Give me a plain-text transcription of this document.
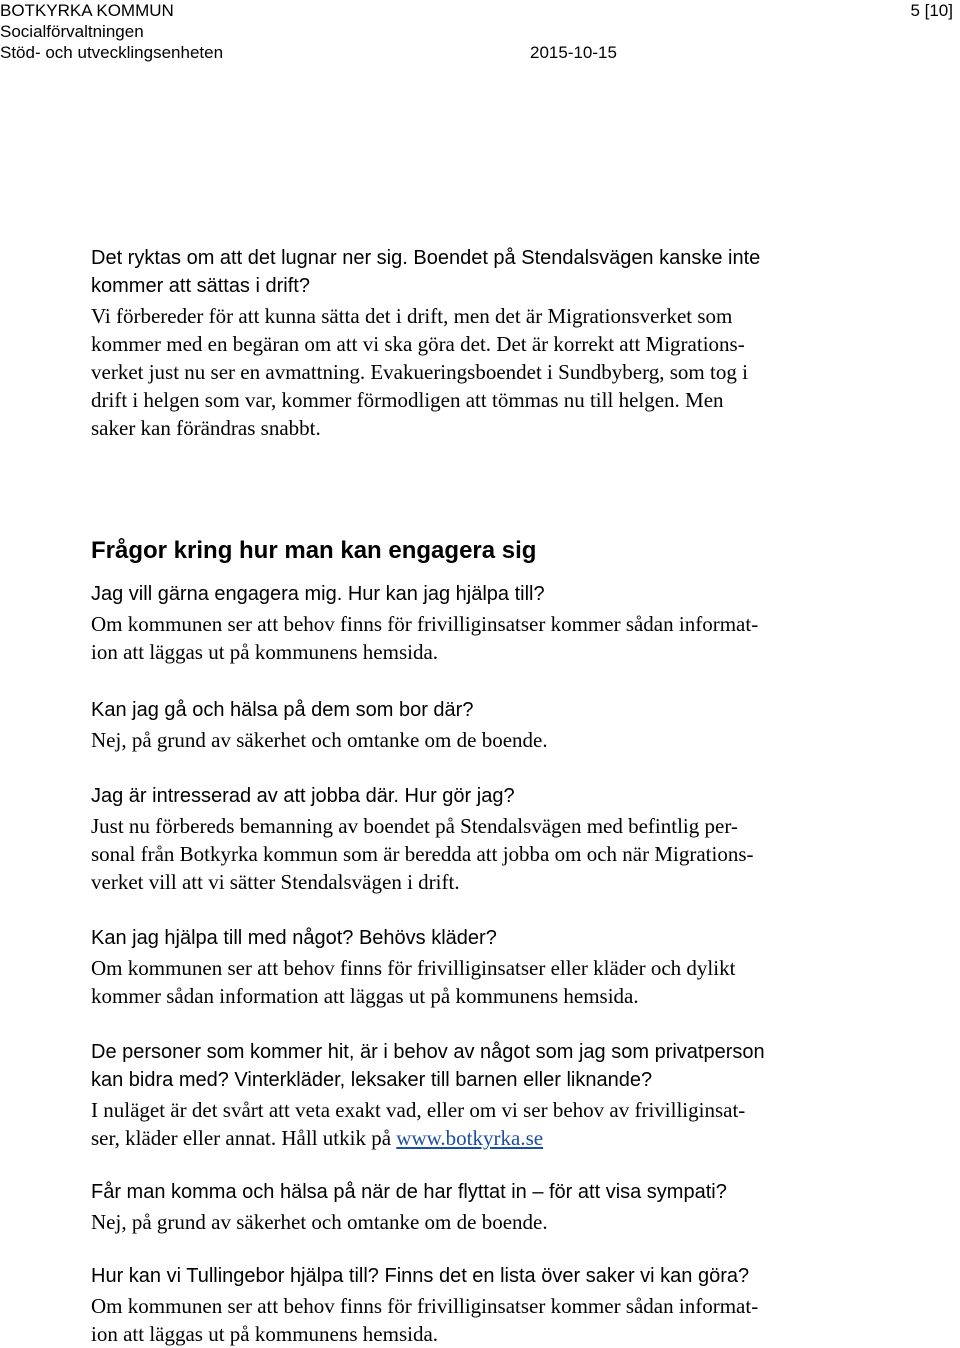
BOTKYRKA KOMMUN	5 [10]
Socialförvaltningen
Stöd- och utvecklingsenheten	2015-10-15

Det ryktas om att det lugnar ner sig. Boendet på Stendalsvägen kanske inte

kommer att sättas i drift?

Vi förbereder för att kunna sätta det i drift, men det är Migrationsverket som

kommer med en begäran om att vi ska göra det. Det är korrekt att Migrations-

verket just nu ser en avmattning. Evakueringsboendet i Sundbyberg, som tog i

drift i helgen som var, kommer förmodligen att tömmas nu till helgen. Men

saker kan förändras snabbt.

Frågor kring hur man kan engagera sig

Jag vill gärna engagera mig. Hur kan jag hjälpa till?

Om kommunen ser att behov finns för frivilliginsatser kommer sådan informat-

ion att läggas ut på kommunens hemsida.

Kan jag gå och hälsa på dem som bor där?

Nej, på grund av säkerhet och omtanke om de boende.

Jag är intresserad av att jobba där. Hur gör jag?

Just nu förbereds bemanning av boendet på Stendalsvägen med befintlig per-

sonal från Botkyrka kommun som är beredda att jobba om och när Migrations-

verket vill att vi sätter Stendalsvägen i drift.

Kan jag hjälpa till med något? Behövs kläder?

Om kommunen ser att behov finns för frivilliginsatser eller kläder och dylikt

kommer sådan information att läggas ut på kommunens hemsida.

De personer som kommer hit, är i behov av något som jag som privatperson

kan bidra med? Vinterkläder, leksaker till barnen eller liknande?

I nuläget är det svårt att veta exakt vad, eller om vi ser behov av frivilliginsat-

ser, kläder eller annat. Håll utkik på www.botkyrka.se

Får man komma och hälsa på när de har flyttat in – för att visa sympati?

Nej, på grund av säkerhet och omtanke om de boende.

Hur kan vi Tullingebor hjälpa till? Finns det en lista över saker vi kan göra?

Om kommunen ser att behov finns för frivilliginsatser kommer sådan informat-

ion att läggas ut på kommunens hemsida.
